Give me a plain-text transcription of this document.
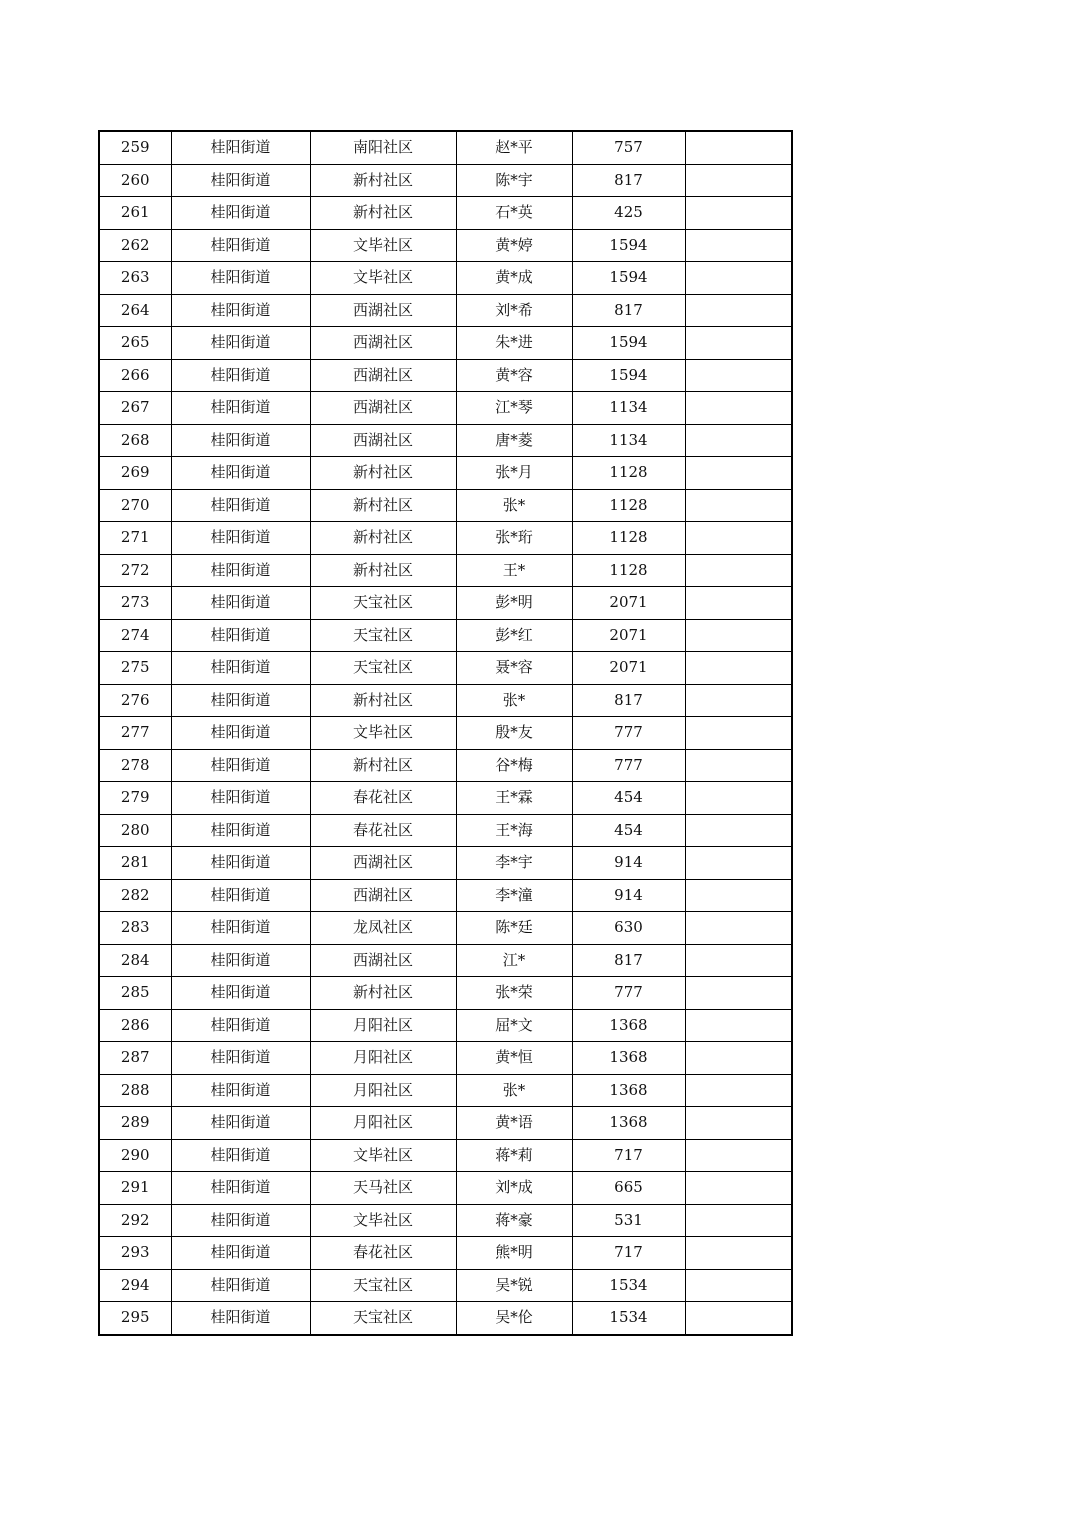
259	桂阳街道	南阳社区	赵*平	757	
260	桂阳街道	新村社区	陈*宇	817	
261	桂阳街道	新村社区	石*英	425	
262	桂阳街道	文毕社区	黄*婷	1594	
263	桂阳街道	文毕社区	黄*成	1594	
264	桂阳街道	西湖社区	刘*希	817	
265	桂阳街道	西湖社区	朱*进	1594	
266	桂阳街道	西湖社区	黄*容	1594	
267	桂阳街道	西湖社区	江*琴	1134	
268	桂阳街道	西湖社区	唐*菱	1134	
269	桂阳街道	新村社区	张*月	1128	
270	桂阳街道	新村社区	张*	1128	
271	桂阳街道	新村社区	张*珩	1128	
272	桂阳街道	新村社区	王*	1128	
273	桂阳街道	天宝社区	彭*明	2071	
274	桂阳街道	天宝社区	彭*红	2071	
275	桂阳街道	天宝社区	聂*容	2071	
276	桂阳街道	新村社区	张*	817	
277	桂阳街道	文毕社区	殷*友	777	
278	桂阳街道	新村社区	谷*梅	777	
279	桂阳街道	春花社区	王*霖	454	
280	桂阳街道	春花社区	王*海	454	
281	桂阳街道	西湖社区	李*宇	914	
282	桂阳街道	西湖社区	李*潼	914	
283	桂阳街道	龙凤社区	陈*廷	630	
284	桂阳街道	西湖社区	江*	817	
285	桂阳街道	新村社区	张*荣	777	
286	桂阳街道	月阳社区	屈*文	1368	
287	桂阳街道	月阳社区	黄*恒	1368	
288	桂阳街道	月阳社区	张*	1368	
289	桂阳街道	月阳社区	黄*语	1368	
290	桂阳街道	文毕社区	蒋*莉	717	
291	桂阳街道	天马社区	刘*成	665	
292	桂阳街道	文毕社区	蒋*豪	531	
293	桂阳街道	春花社区	熊*明	717	
294	桂阳街道	天宝社区	吴*锐	1534	
295	桂阳街道	天宝社区	吴*伦	1534	
